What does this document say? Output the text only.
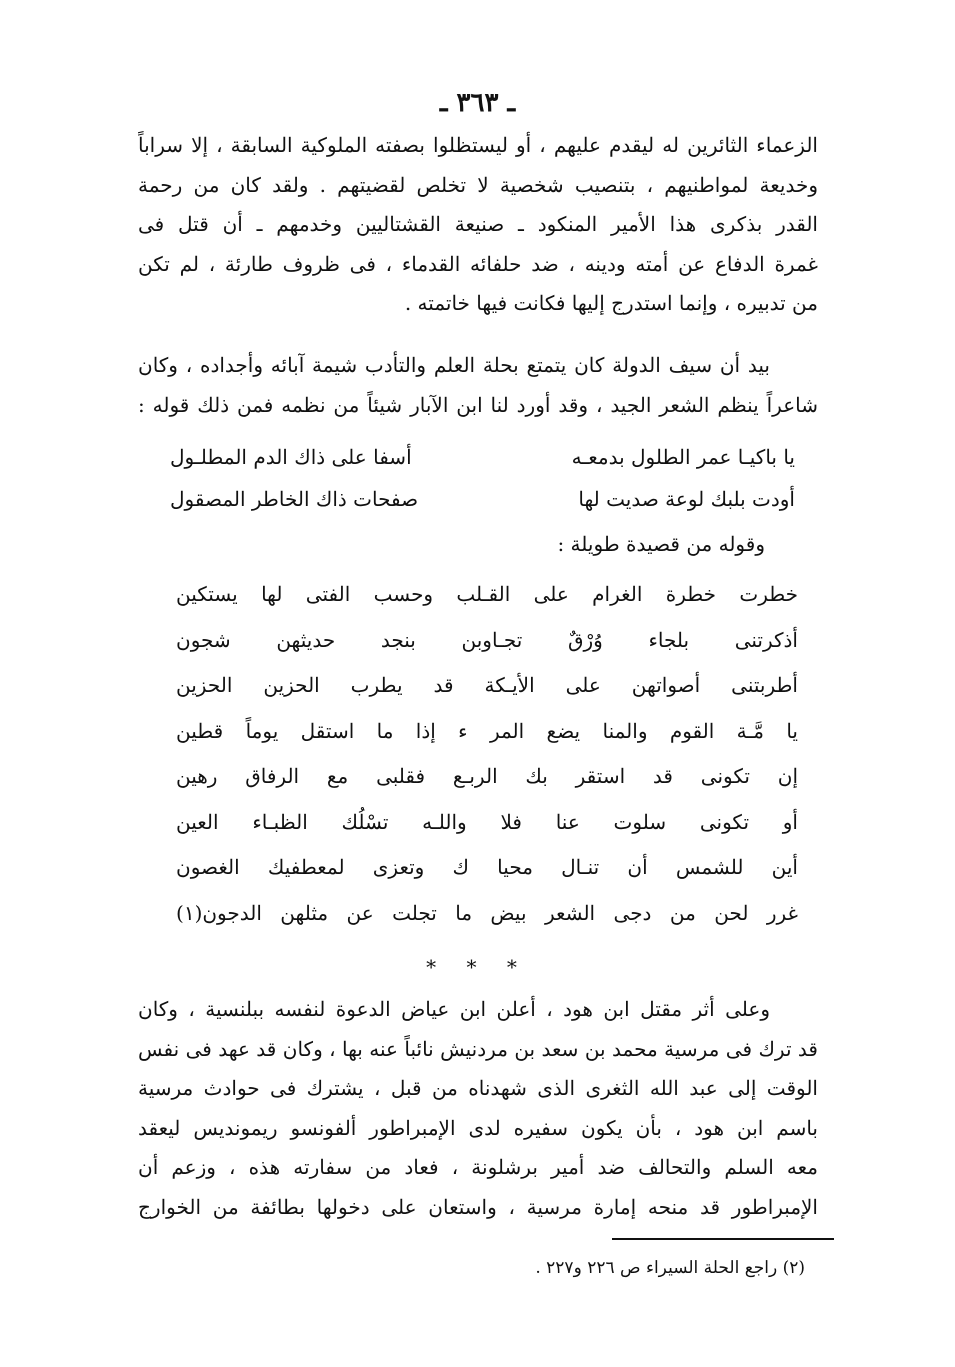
ـ ٣٦٣ ـ
الزعماء الثائرين له ليقدم عليهم ، أو ليستظلوا بصفته الملوكية السابقة ، إلا سراباً
وخديعة لمواطنيهم ، بتنصيب شخصية لا تخلص لقضيتهم . ولقد كان من رحمة
القدر بذكرى هذا الأمير المنكود ـ صنيعة القشتاليين وخدمهم ـ أن قتل فى
غمرة الدفاع عن أمته ودينه ، ضد حلفائه القدماء ، فى ظروف طارئة ، لم تكن
من تدبيره ، وإنما استدرج إليها فكانت فيها خاتمته .
بيد أن سيف الدولة كان يتمتع بحلة العلم والتأدب شيمة آبائه وأجداده ، وكان
شاعراً ينظم الشعر الجيد ، وقد أورد لنا ابن الآبار شيئاً من نظمه فمن ذلك قوله :
يا باكيـا عمر الطلول بدمعـه
أسفا على ذاك الدم المطلـول
أودت بلبك لوعة صديت لها
صفحات ذاك الخاطر المصقول
وقوله من قصيدة طويلة :
خطرت خطرة الغرام على القـلب وحسب الفتى لها يستكين
أذكرتنى بلجاء وُرْقٌ تجـاوبن بنجد حديثهن شجون
أطربتنى أصواتهن على الأيـكة قد يطرب الحزين الحزين
يا مَّـة القوم والمنا يضع المر ء إذا ما استقل يوماً قطين
إن تكونى قد استقر بك الربـع فقلبى مع الرفاق رهين
أو تكونى سلوت عنا فلا واللـه تسْلُك الظبـاء العين
أين للشمس أن تنـال محيا ك وتعزى لمعطفيك الغصون
غرر لحن من دجى الشعر بيض ما تجلت عن مثلهن الدجون(١)
* * *
وعلى أثر مقتل ابن هود ، أعلن ابن عياض الدعوة لنفسه ببلنسية ، وكان
قد ترك فى مرسية محمد بن سعد بن مردنيش نائباً عنه بها ، وكان قد عهد فى نفس
الوقت إلى عبد الله الثغرى الذى شهدناه من قبل ، يشترك فى حوادث مرسية
باسم ابن هود ، بأن يكون سفيره لدى الإمبراطور ألفونسو ريموندیس ليعقد
معه السلم والتحالف ضد أمير برشلونة ، فعاد من سفارته هذه ، وزعم أن
الإمبراطور قد منحه إمارة مرسية ، واستعان على دخولها بطائفة من الخوارج
(٢) راجع الحلة السيراء ص ٢٢٦ و٢٢٧ .
